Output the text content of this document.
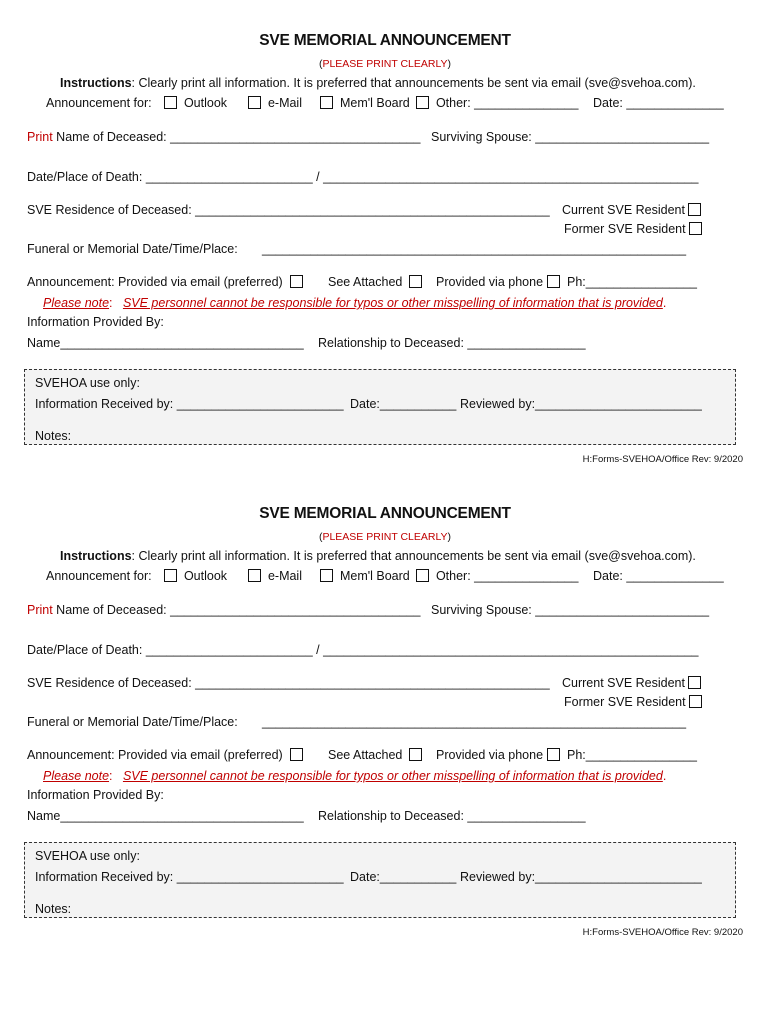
SVE MEMORIAL ANNOUNCEMENT
(PLEASE PRINT CLEARLY)
Instructions: Clearly print all information. It is preferred that announcements be sent via email (sve@svehoa.com).
Announcement for:	Outlook	e-Mail	Mem'l Board	Other: _______________ Date: ______________
Print Name of Deceased: ____________________________________ Surviving Spouse: _________________________
Date/Place of Death: ________________________ / ______________________________________________________
SVE Residence of Deceased: ___________________________________________________ Current SVE Resident
Former SVE Resident
Funeral or Memorial Date/Time/Place: _____________________________________________________________
Announcement: Provided via email (preferred)	See Attached	Provided via phone	Ph:________________
Please note: SVE personnel cannot be responsible for typos or other misspelling of information that is provided.
Information Provided By:
Name___________________________________ Relationship to Deceased: _________________
SVEHOA use only:
Information Received by: ________________________ Date:___________ Reviewed by:________________________
Notes:
H:Forms-SVEHOA/Office Rev: 9/2020
SVE MEMORIAL ANNOUNCEMENT
(PLEASE PRINT CLEARLY)
Instructions: Clearly print all information. It is preferred that announcements be sent via email (sve@svehoa.com).
Announcement for:	Outlook	e-Mail	Mem'l Board	Other: _______________ Date: ______________
Print Name of Deceased: ____________________________________ Surviving Spouse: _________________________
Date/Place of Death: ________________________ / ______________________________________________________
SVE Residence of Deceased: ___________________________________________________ Current SVE Resident
Former SVE Resident
Funeral or Memorial Date/Time/Place: _____________________________________________________________
Announcement: Provided via email (preferred)	See Attached	Provided via phone	Ph:________________
Please note: SVE personnel cannot be responsible for typos or other misspelling of information that is provided.
Information Provided By:
Name___________________________________ Relationship to Deceased: _________________
SVEHOA use only:
Information Received by: ________________________ Date:___________ Reviewed by:________________________
Notes:
H:Forms-SVEHOA/Office Rev: 9/2020
